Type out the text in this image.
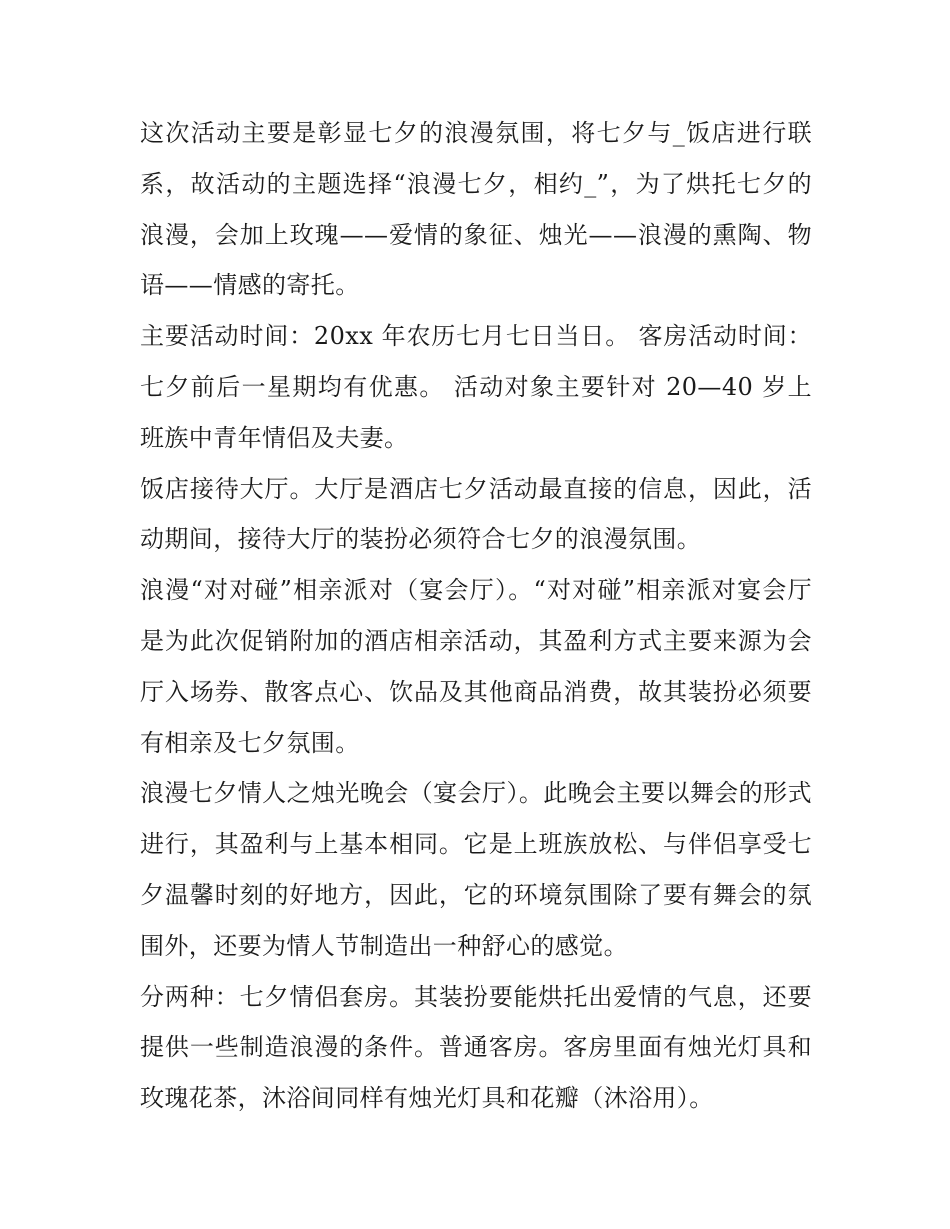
这次活动主要是彰显七夕的浪漫氛围，将七夕与_饭店进行联系，故活动的主题选择“浪漫七夕，相约_”，为了烘托七夕的浪漫，会加上玫瑰——爱情的象征、烛光——浪漫的熏陶、物语——情感的寄托。

主要活动时间：20xx 年农历七月七日当日。 客房活动时间：七夕前后一星期均有优惠。 活动对象主要针对 20—40 岁上班族中青年情侣及夫妻。

饭店接待大厅。大厅是酒店七夕活动最直接的信息，因此，活动期间，接待大厅的装扮必须符合七夕的浪漫氛围。

浪漫“对对碰”相亲派对（宴会厅）。“对对碰”相亲派对宴会厅是为此次促销附加的酒店相亲活动，其盈利方式主要来源为会厅入场券、散客点心、饮品及其他商品消费，故其装扮必须要有相亲及七夕氛围。

浪漫七夕情人之烛光晚会（宴会厅）。此晚会主要以舞会的形式进行，其盈利与上基本相同。它是上班族放松、与伴侣享受七夕温馨时刻的好地方，因此，它的环境氛围除了要有舞会的氛围外，还要为情人节制造出一种舒心的感觉。

分两种：七夕情侣套房。其装扮要能烘托出爱情的气息，还要提供一些制造浪漫的条件。普通客房。客房里面有烛光灯具和玫瑰花茶，沐浴间同样有烛光灯具和花瓣（沐浴用）。
